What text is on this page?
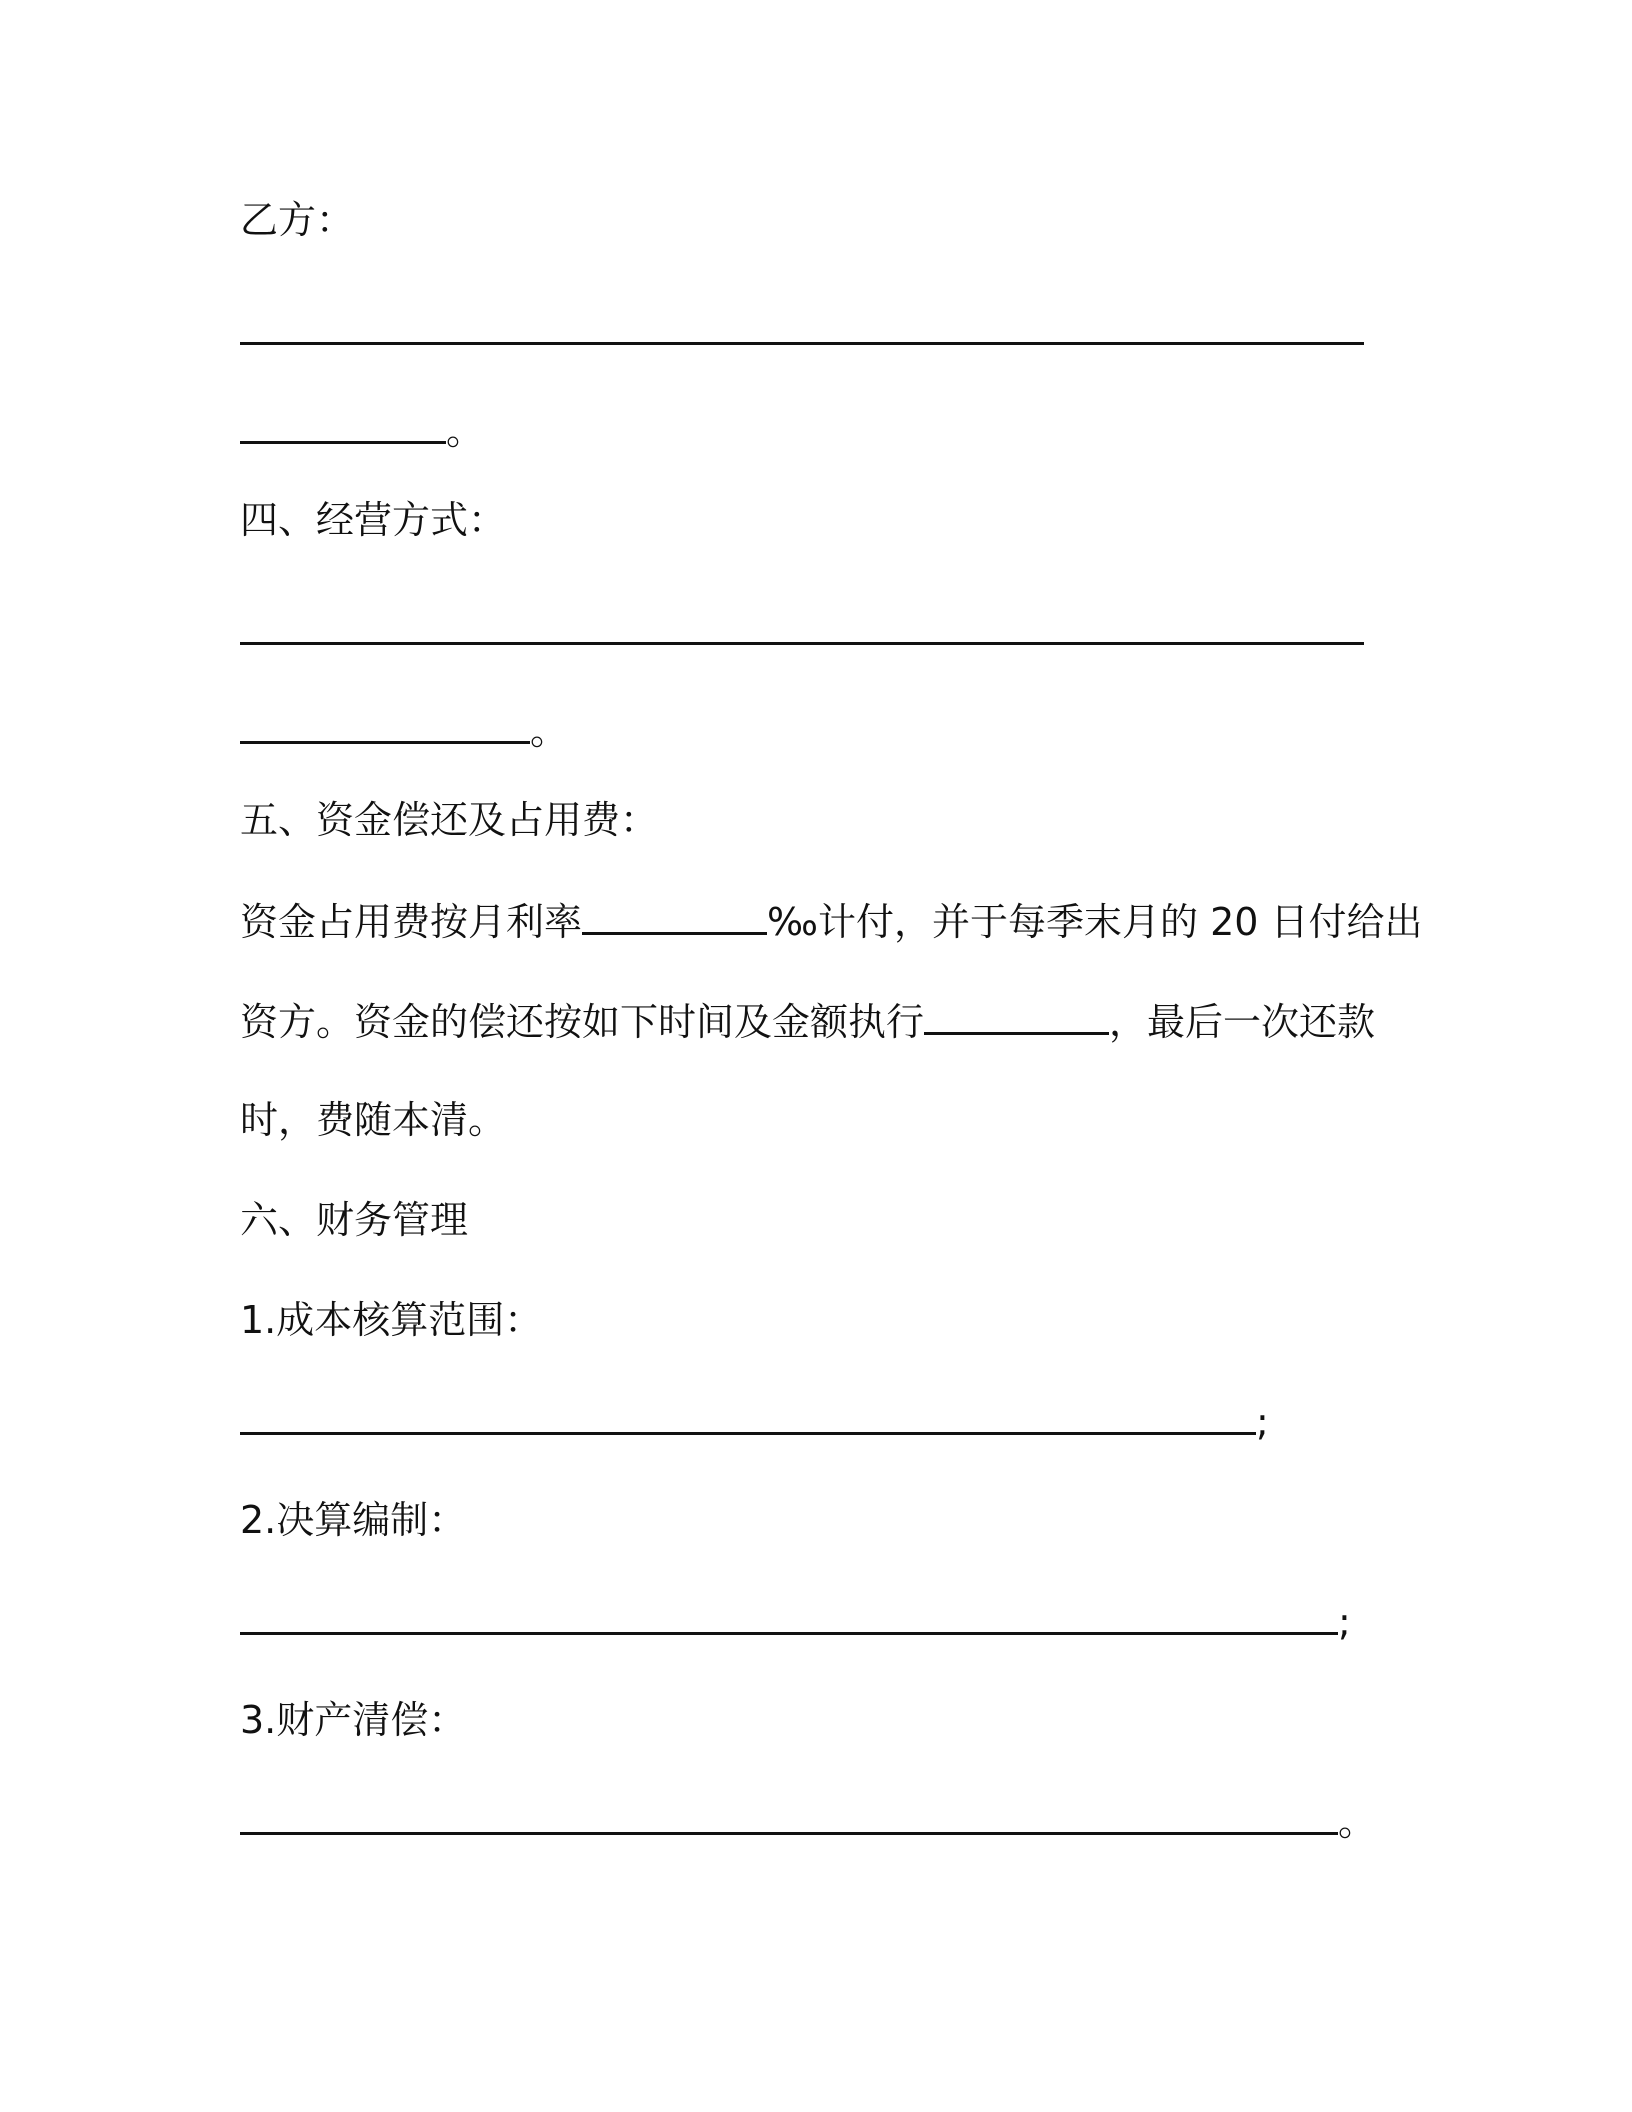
乙方：
。
四、经营方式：
。
五、资金偿还及占用费：
资金占用费按月利率	‰计付，并于每季末月的 20 日付给出
资方。资金的偿还按如下时间及金额执行	，最后一次还款
时，费随本清。
六、财务管理
1.成本核算范围：
;
2.决算编制：
;
3.财产清偿：
。
